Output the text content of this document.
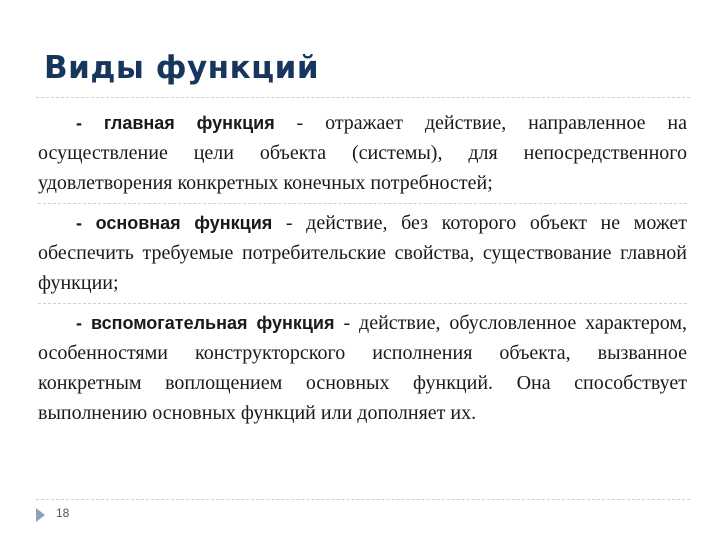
Виды функций

- главная функция - отражает действие, направленное на осуществление цели объекта (системы), для непосредственного удовлетворения конкретных конечных потребностей;

- основная функция - действие, без которого объект не может обеспечить требуемые потребительские свойства, существование главной функции;

- вспомогательная функция - действие, обусловленное характером, особенностями конструкторского исполнения объекта, вызванное конкретным воплощением основных функций. Она способствует выполнению основных функций или дополняет их.

18
